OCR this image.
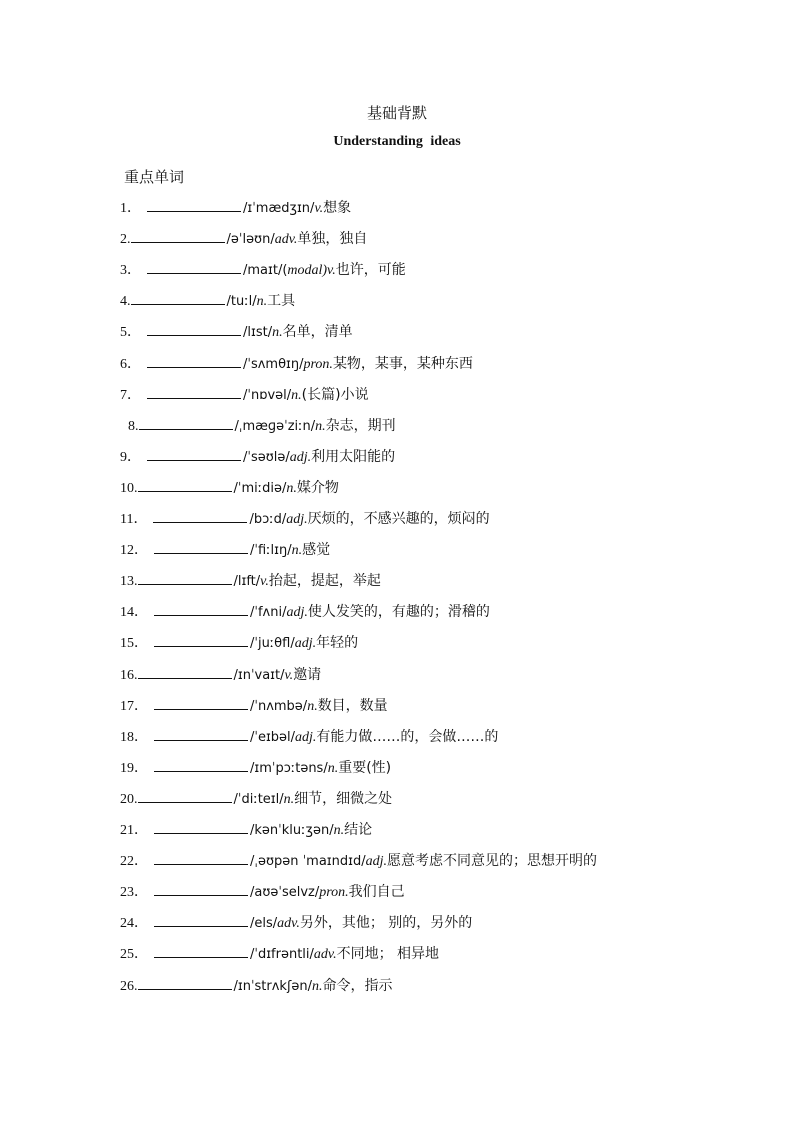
基础背默
Understanding ideas
重点单词
1．	/ɪˈmædʒɪn/v.想象
2.	/əˈləʊn/adv.单独，独自
3．	/maɪt/(modal)v.也许，可能
4.	/tuːl/n.工具
5．	/lɪst/n.名单，清单
6．	/ˈsʌmθɪŋ/pron.某物，某事，某种东西
7．	/ˈnɒvəl/n.(长篇)小说
8.	/ˌmæɡəˈziːn/n.杂志，期刊
9．	/ˈsəʊlə/adj.利用太阳能的
10.	/ˈmiːdiə/n.媒介物
11．	/bɔːd/adj.厌烦的，不感兴趣的，烦闷的
12．	/ˈfiːlɪŋ/n.感觉
13.	/lɪft/v.抬起，提起，举起
14．	/ˈfʌni/adj.使人发笑的，有趣的；滑稽的
15．	/ˈjuːθfl/adj.年轻的
16.	/ɪnˈvaɪt/v.邀请
17．	/ˈnʌmbə/n.数目，数量
18．	/ˈeɪbəl/adj.有能力做……的，会做……的
19．	/ɪmˈpɔːtəns/n.重要(性)
20.	/ˈdiːteɪl/n.细节，细微之处
21．	/kənˈkluːʒən/n.结论
22．	/ˌəʊpən ˈmaɪndɪd/adj.愿意考虑不同意见的；思想开明的
23．	/aʊəˈselvz/pron.我们自己
24．	/els/adv.另外，其他； 别的，另外的
25．	/ˈdɪfrəntli/adv.不同地； 相异地
26.	/ɪnˈstrʌkʃən/n.命令，指示
